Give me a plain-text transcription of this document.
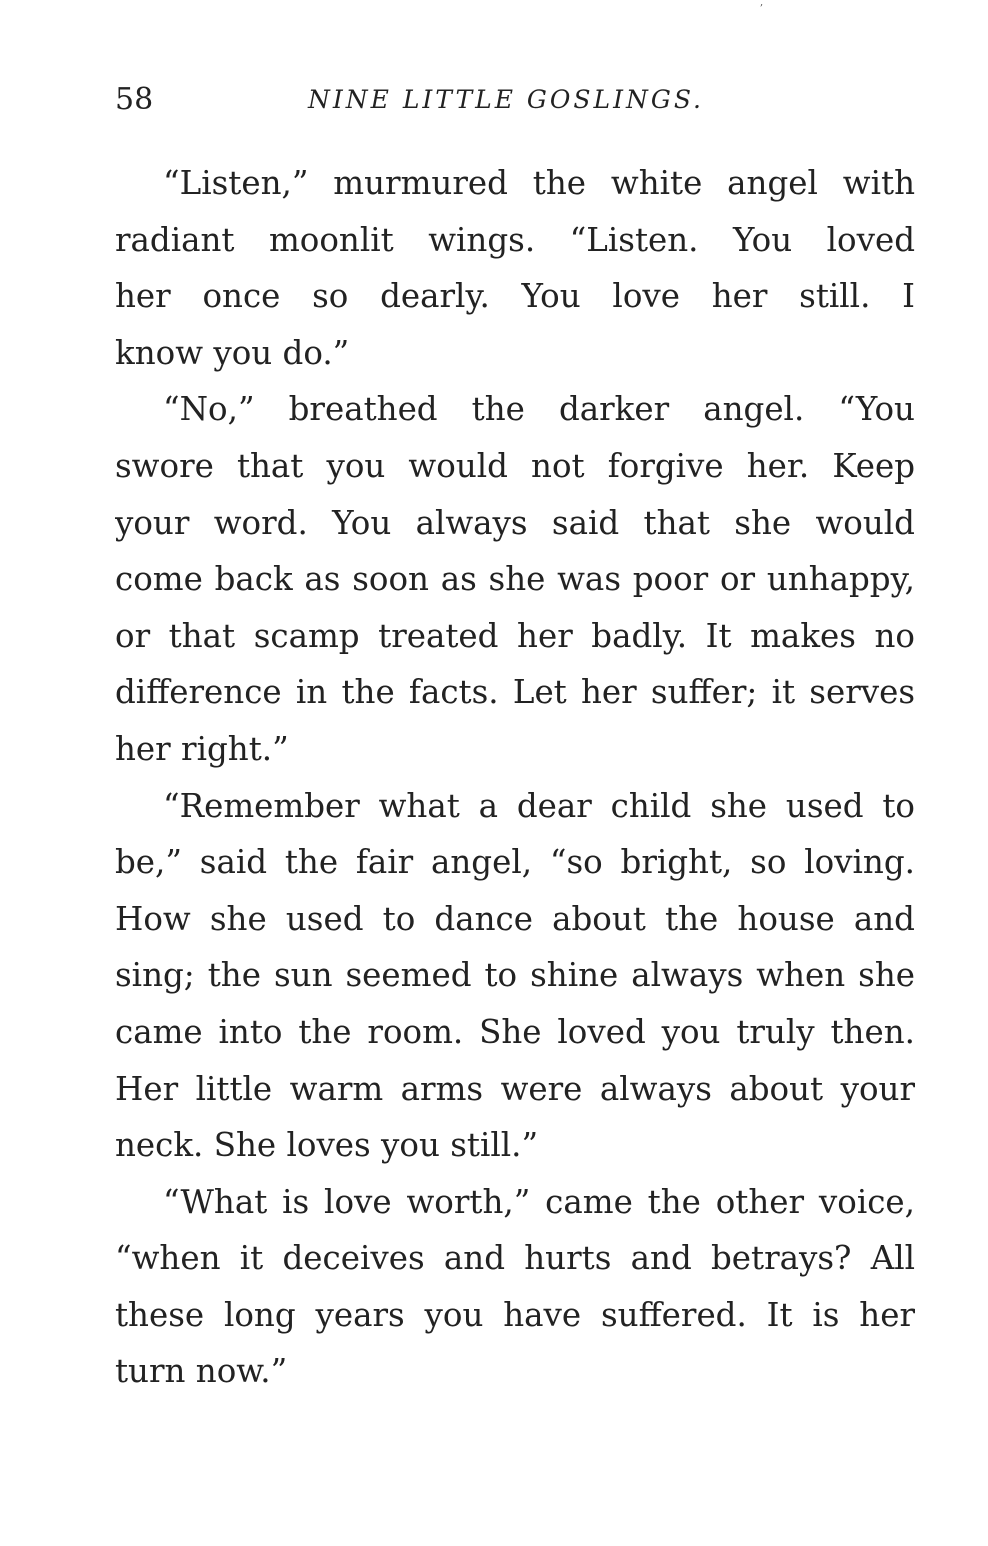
,
58	NINE LITTLE GOSLINGS.

“Listen,” murmured the white angel with
radiant moonlit wings. “Listen. You loved
her once so dearly. You love her still. I
know you do.”

“No,” breathed the darker angel. “You
swore that you would not forgive her. Keep
your word. You always said that she would
come back as soon as she was poor or unhappy,
or that scamp treated her badly. It makes no
difference in the facts. Let her suffer; it serves
her right.”

“Remember what a dear child she used to
be,” said the fair angel, “so bright, so loving.
How she used to dance about the house and
sing; the sun seemed to shine always when she
came into the room. She loved you truly then.
Her little warm arms were always about your
neck. She loves you still.”

“What is love worth,” came the other voice,
“when it deceives and hurts and betrays? All
these long years you have suffered. It is her
turn now.”
